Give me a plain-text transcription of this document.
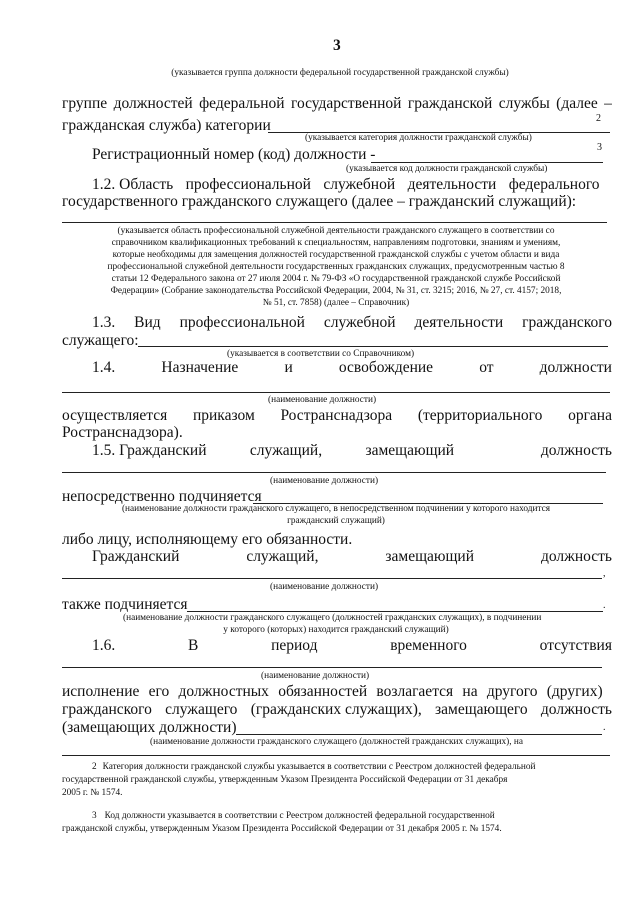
3
(указывается группа должности федеральной государственной гражданской службы)
группе должностей федеральной государственной гражданской службы (далее –
гражданская служба) категории	2
(указывается категория должности гражданской службы)
Регистрационный номер (код) должности -	3
(указывается код должности гражданской службы)
1.2. Область профессиональной служебной деятельности федерального
государственного гражданского служащего (далее – гражданский служащий):
(указывается область профессиональной служебной деятельности гражданского служащего в соответствии со
справочником квалификационных требований к специальностям, направлениям подготовки, знаниям и умениям,
которые необходимы для замещения должностей государственной гражданской службы с учетом области и вида
профессиональной служебной деятельности государственных гражданских служащих, предусмотренным частью 8
статьи 12 Федерального закона от 27 июля 2004 г. № 79-ФЗ «О государственной гражданской службе Российской
Федерации» (Собрание законодательства Российской Федерации, 2004, № 31, ст. 3215; 2016, № 27, ст. 4157; 2018,
№ 51, ст. 7858) (далее – Справочник)
1.3. Вид профессиональной служебной деятельности гражданского
служащего:
(указывается в соответствии со Справочником)
1.4.	Назначение	и	освобождение	от	должности
(наименование должности)
осуществляется приказом Ространснадзора (территориального органа
Ространснадзора).
1.5. Гражданский	служащий,	замещающий	должность
(наименование должности)
непосредственно подчиняется
(наименование должности гражданского служащего, в непосредственном подчинении у которого находится
гражданский служащий)
либо лицу, исполняющему его обязанности.
Гражданский	служащий,	замещающий	должность
,
(наименование должности)
также подчиняется	.
(наименование должности гражданского служащего (должностей гражданских служащих), в подчинении
у которого (которых) находится гражданский служащий)
1.6.	В	период	временного	отсутствия
(наименование должности)
исполнение его должностных обязанностей возлагается на другого (других)
гражданского служащего (гражданских служащих), замещающего должность
(замещающих должности)	.
(наименование должности гражданского служащего (должностей гражданских служащих), на
2 Категория должности гражданской службы указывается в соответствии с Реестром должностей федеральной
государственной гражданской службы, утвержденным Указом Президента Российской Федерации от 31 декабря
2005 г. № 1574.
3 Код должности указывается в соответствии с Реестром должностей федеральной государственной
гражданской службы, утвержденным Указом Президента Российской Федерации от 31 декабря 2005 г. № 1574.
